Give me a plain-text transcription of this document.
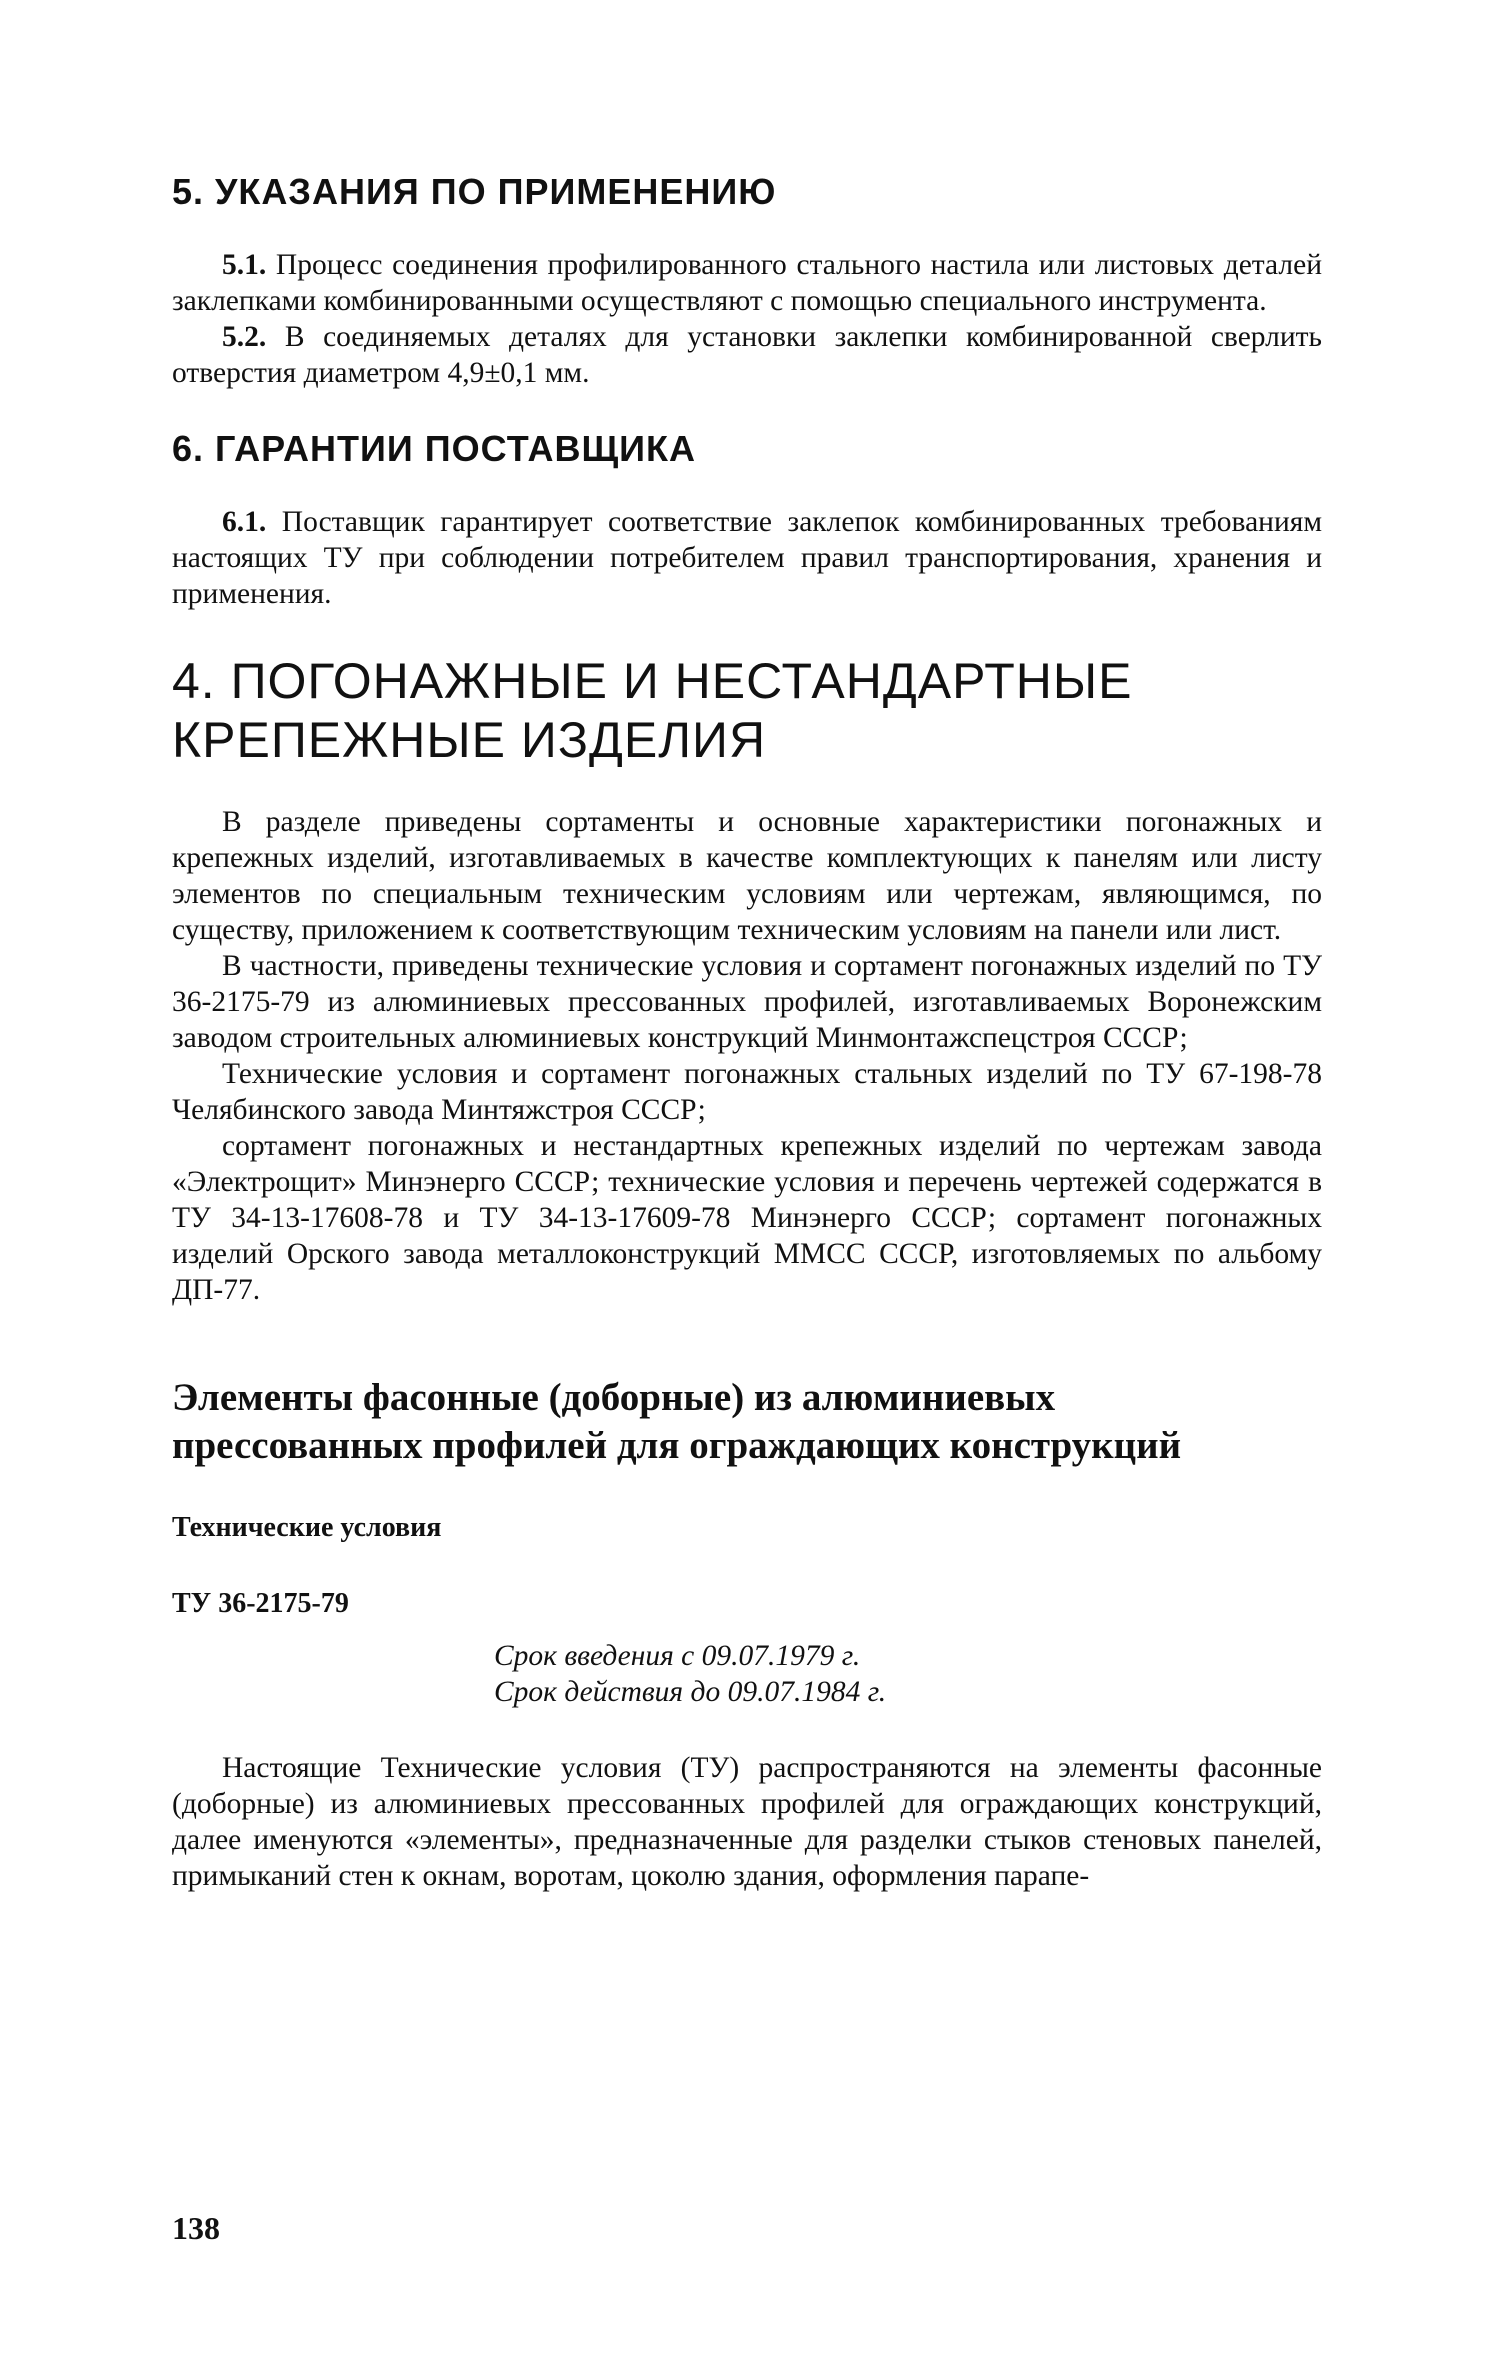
5. УКАЗАНИЯ ПО ПРИМЕНЕНИЮ

5.1. Процесс соединения профилированного стального настила или листовых деталей заклепками комбинированными осуществляют с помощью специального инструмента.

5.2. В соединяемых деталях для установки заклепки комбинированной сверлить отверстия диаметром 4,9±0,1 мм.

6. ГАРАНТИИ ПОСТАВЩИКА

6.1. Поставщик гарантирует соответствие заклепок комбинированных требованиям настоящих ТУ при соблюдении потребителем правил транспортирования, хранения и применения.

4. ПОГОНАЖНЫЕ И НЕСТАНДАРТНЫЕ
КРЕПЕЖНЫЕ ИЗДЕЛИЯ

В разделе приведены сортаменты и основные характеристики погонажных и крепежных изделий, изготавливаемых в качестве комплектующих к панелям или листу элементов по специальным техническим условиям или чертежам, являющимся, по существу, приложением к соответствующим техническим условиям на панели или лист.

В частности, приведены технические условия и сортамент погонажных изделий по ТУ 36-2175-79 из алюминиевых прессованных профилей, изготавливаемых Воронежским заводом строительных алюминиевых конструкций Минмонтажспецстроя СССР;

Технические условия и сортамент погонажных стальных изделий по ТУ 67-198-78 Челябинского завода Минтяжстроя СССР;

сортамент погонажных и нестандартных крепежных изделий по чертежам завода «Электрощит» Минэнерго СССР; технические условия и перечень чертежей содержатся в ТУ 34-13-17608-78 и ТУ 34-13-17609-78 Минэнерго СССР; сортамент погонажных изделий Орского завода металлоконструкций ММСС СССР, изготовляемых по альбому ДП-77.

Элементы фасонные (доборные) из алюминиевых
прессованных профилей для ограждающих конструкций

Технические условия

ТУ 36-2175-79

Срок введения с 09.07.1979 г.

Срок действия до 09.07.1984 г.

Настоящие Технические условия (ТУ) распространяются на элементы фасонные (доборные) из алюминиевых прессованных профилей для ограждающих конструкций, далее именуются «элементы», предназначенные для разделки стыков стеновых панелей, примыканий стен к окнам, воротам, цоколю здания, оформления парапе-

138
